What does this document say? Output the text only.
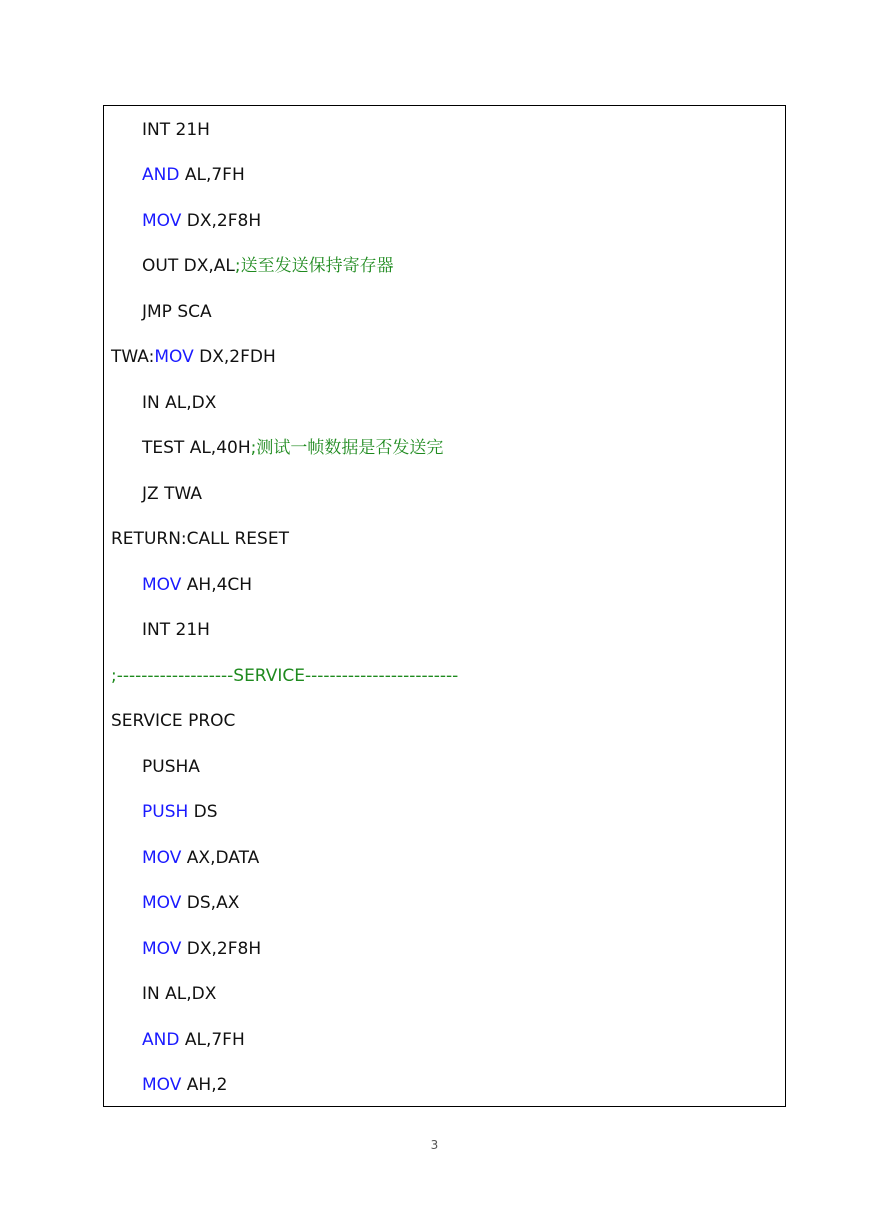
INT 21H
AND AL,7FH
MOV DX,2F8H
OUT DX,AL;送至发送保持寄存器
JMP SCA
TWA:MOV DX,2FDH
IN AL,DX
TEST AL,40H;测试一帧数据是否发送完
JZ TWA
RETURN:CALL RESET
MOV AH,4CH
INT 21H
;-------------------SERVICE-------------------------
SERVICE PROC
PUSHA
PUSH DS
MOV AX,DATA
MOV DS,AX
MOV DX,2F8H
IN AL,DX
AND AL,7FH
MOV AH,2
3
